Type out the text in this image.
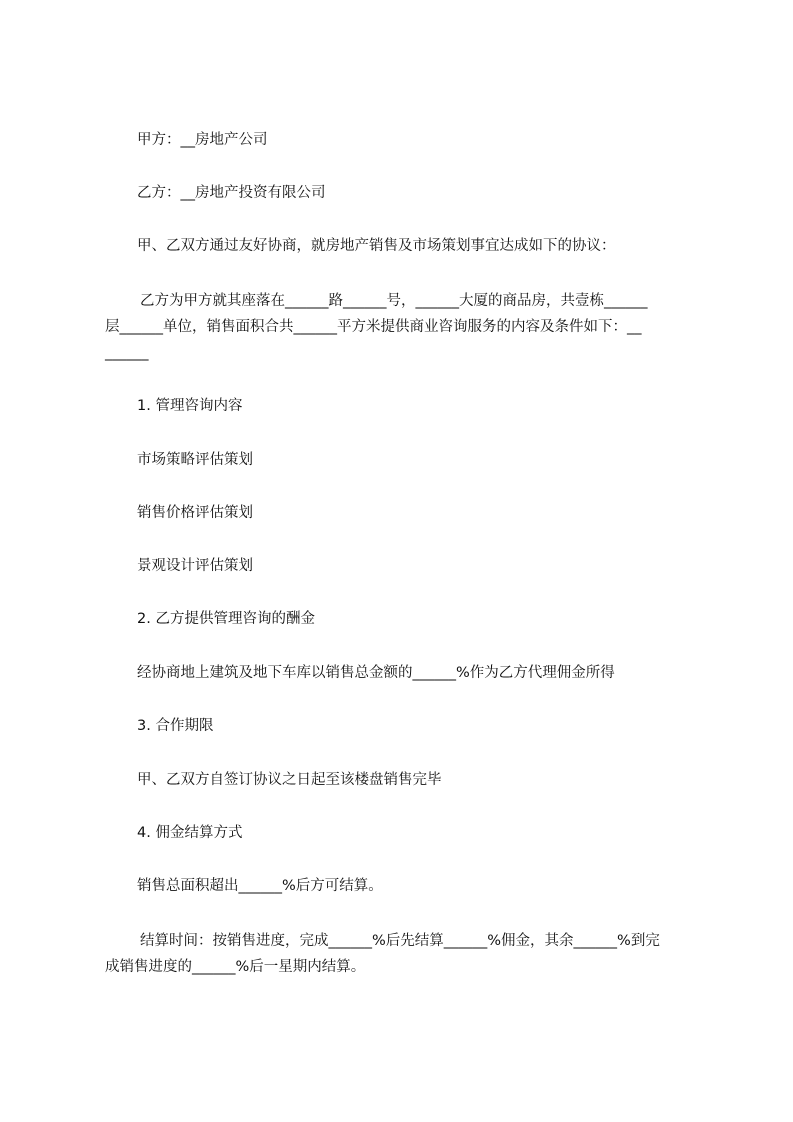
甲方：__房地产公司

乙方：__房地产投资有限公司

甲、乙双方通过友好协商，就房地产销售及市场策划事宜达成如下的协议：

乙方为甲方就其座落在______路______号，______大厦的商品房，共壹栋______

层______单位，销售面积合共______平方米提供商业咨询服务的内容及条件如下：__

______

1. 管理咨询内容

市场策略评估策划

销售价格评估策划

景观设计评估策划

2. 乙方提供管理咨询的酬金

经协商地上建筑及地下车库以销售总金额的______%作为乙方代理佣金所得

3. 合作期限

甲、乙双方自签订协议之日起至该楼盘销售完毕

4. 佣金结算方式

销售总面积超出______%后方可结算。

结算时间：按销售进度，完成______%后先结算______%佣金，其余______%到完

成销售进度的______%后一星期内结算。
